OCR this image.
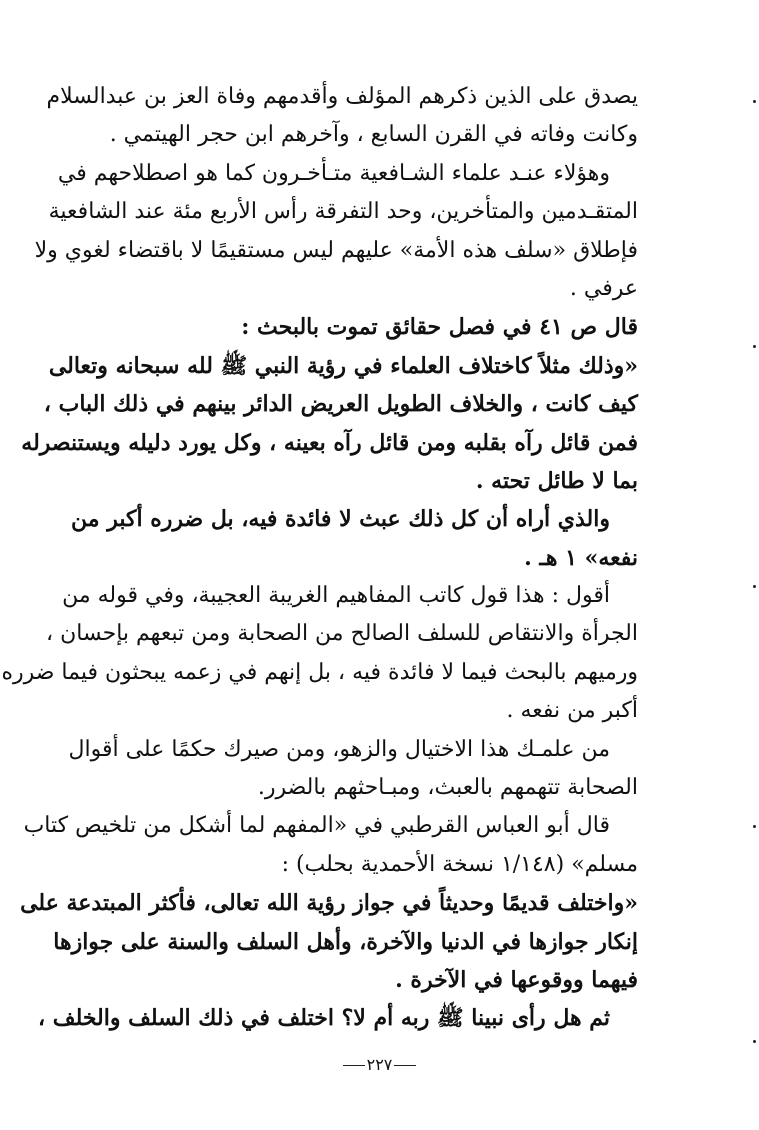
يصدق على الذين ذكرهم المؤلف وأقدمهم وفاة العز بن عبدالسلام
وكانت وفاته في القرن السابع ، وآخرهم ابن حجر الهيتمي .
وهؤلاء عنـد علماء الشـافعية متـأخـرون كما هو اصطلاحهم في
المتقـدمين والمتأخرين، وحد التفرقة رأس الأربع مئة عند الشافعية
فإطلاق «سلف هذه الأمة» عليهم ليس مستقيمًا لا باقتضاء لغوي ولا
عرفي .
قال ص ٤١ في فصل حقائق تموت بالبحث :
«وذلك مثلاً كاختلاف العلماء في رؤية النبي ﷺ لله سبحانه وتعالى
كيف كانت ، والخلاف الطويل العريض الدائر بينهم في ذلك الباب ،
فمن قائل رآه بقلبه ومن قائل رآه بعينه ، وكل يورد دليله ويستنصرله
بما لا طائل تحته .
والذي أراه أن كل ذلك عبث لا فائدة فيه، بل ضرره أكبر من
نفعه» ١ هـ .
أقول : هذا قول كاتب المفاهيم الغريبة العجيبة، وفي قوله من
الجرأة والانتقاص للسلف الصالح من الصحابة ومن تبعهم بإحسان ،
ورميهم بالبحث فيما لا فائدة فيه ، بل إنهم في زعمه يبحثون فيما ضرره
أكبر من نفعه .
من علمـك هذا الاختيال والزهو، ومن صيرك حكمًا على أقوال
الصحابة تتهمهم بالعبث، ومبـاحثهم بالضرر.
قال أبو العباس القرطبي في «المفهم لما أشكل من تلخيص كتاب
مسلم» (١/١٤٨ نسخة الأحمدية بحلب) :
«واختلف قديمًا وحديثاً في جواز رؤية الله تعالى، فأكثر المبتدعة على
إنكار جوازها في الدنيا والآخرة، وأهل السلف والسنة على جوازها
فيهما ووقوعها في الآخرة .
ثم هل رأى نبينا ﷺ ربه أم لا؟ اختلف في ذلك السلف والخلف ،
٢٢٧
